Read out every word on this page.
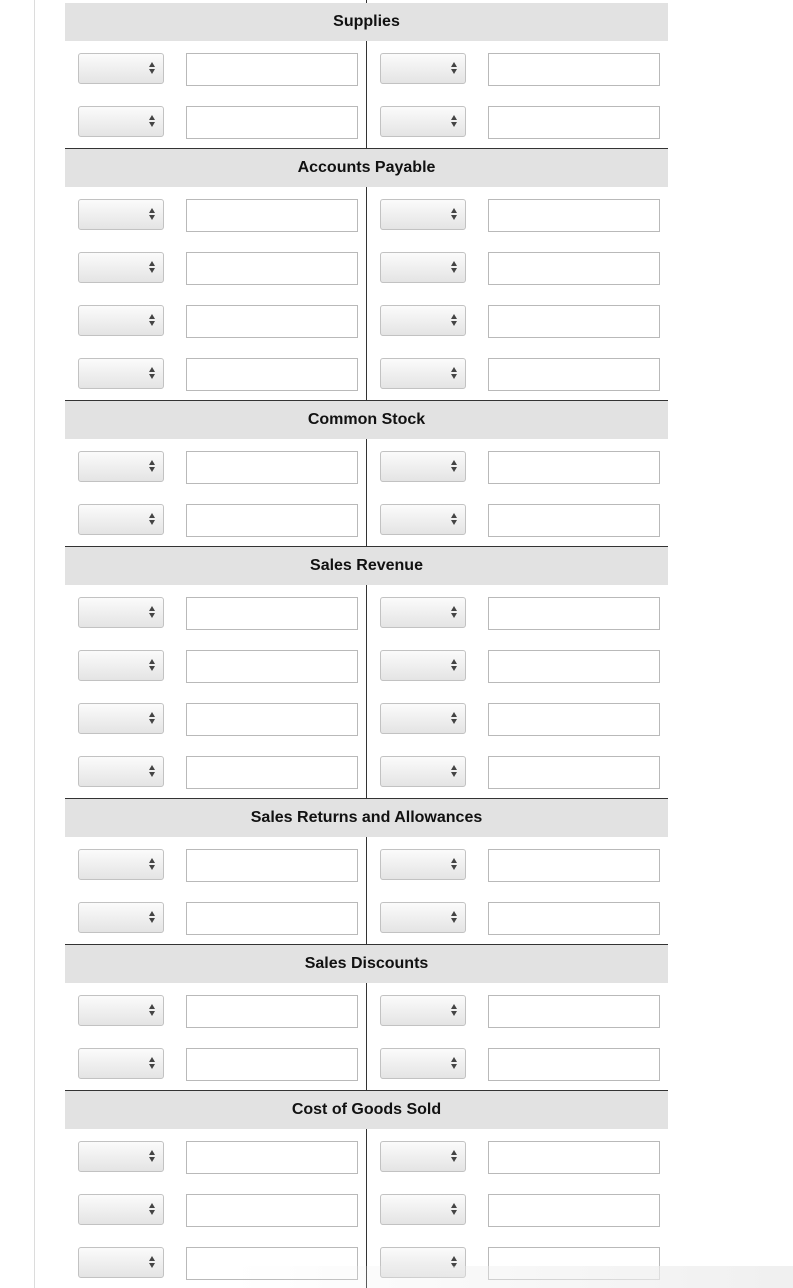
Supplies
Accounts Payable
Common Stock
Sales Revenue
Sales Returns and Allowances
Sales Discounts
Cost of Goods Sold
